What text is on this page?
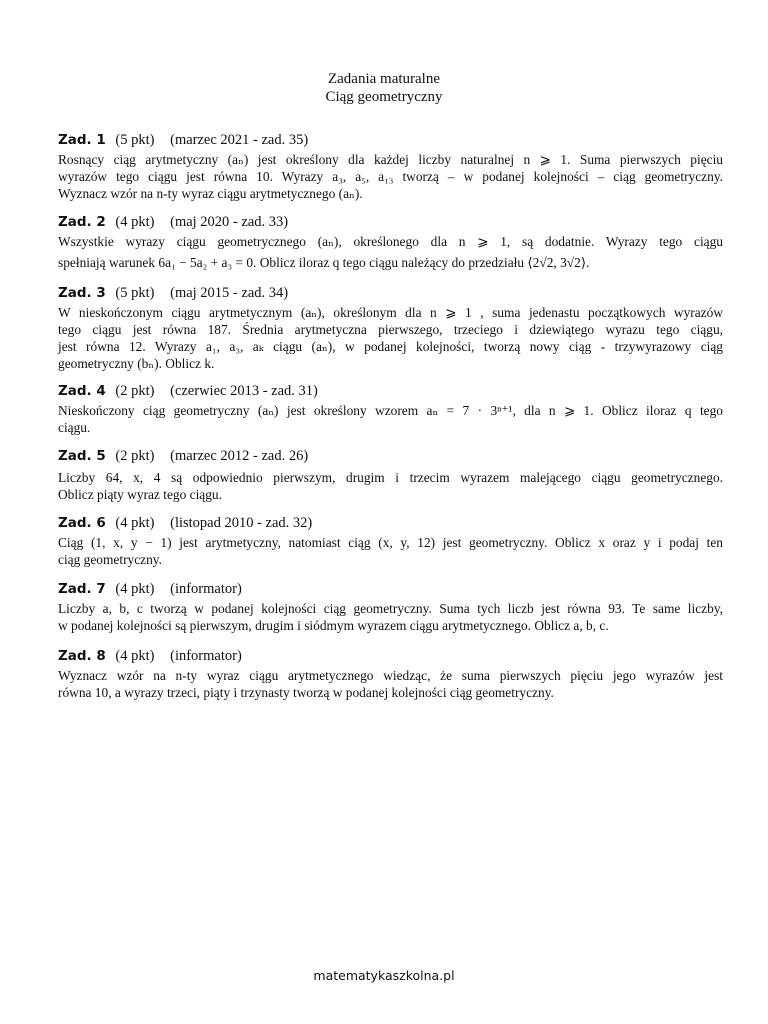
Zadania maturalne
Ciąg geometryczny
Zad. 1 (5 pkt) (marzec 2021 - zad. 35)
Rosnący ciąg arytmetyczny (aₙ) jest określony dla każdej liczby naturalnej n ⩾ 1. Suma pierwszych pięciu
wyrazów tego ciągu jest równa 10. Wyrazy a₃, a₅, a₁₃ tworzą – w podanej kolejności – ciąg geometryczny.
Wyznacz wzór na n-ty wyraz ciągu arytmetycznego (aₙ).
Zad. 2 (4 pkt) (maj 2020 - zad. 33)
Wszystkie wyrazy ciągu geometrycznego (aₙ), określonego dla n ⩾ 1, są dodatnie. Wyrazy tego ciągu
spełniają warunek 6a₁ − 5a₂ + a₃ = 0. Oblicz iloraz q tego ciągu należący do przedziału ⟨2√2, 3√2⟩.
Zad. 3 (5 pkt) (maj 2015 - zad. 34)
W nieskończonym ciągu arytmetycznym (aₙ), określonym dla n ⩾ 1 , suma jedenastu początkowych wyrazów
tego ciągu jest równa 187. Średnia arytmetyczna pierwszego, trzeciego i dziewiątego wyrazu tego ciągu,
jest równa 12. Wyrazy a₁, a₃, aₖ ciągu (aₙ), w podanej kolejności, tworzą nowy ciąg - trzywyrazowy ciąg
geometryczny (bₙ). Oblicz k.
Zad. 4 (2 pkt) (czerwiec 2013 - zad. 31)
Nieskończony ciąg geometryczny (aₙ) jest określony wzorem aₙ = 7 · 3ⁿ⁺¹, dla n ⩾ 1. Oblicz iloraz q tego
ciągu.
Zad. 5 (2 pkt) (marzec 2012 - zad. 26)
Liczby 64, x, 4 są odpowiednio pierwszym, drugim i trzecim wyrazem malejącego ciągu geometrycznego.
Oblicz piąty wyraz tego ciągu.
Zad. 6 (4 pkt) (listopad 2010 - zad. 32)
Ciąg (1, x, y − 1) jest arytmetyczny, natomiast ciąg (x, y, 12) jest geometryczny. Oblicz x oraz y i podaj ten
ciąg geometryczny.
Zad. 7 (4 pkt) (informator)
Liczby a, b, c tworzą w podanej kolejności ciąg geometryczny. Suma tych liczb jest równa 93. Te same liczby,
w podanej kolejności są pierwszym, drugim i siódmym wyrazem ciągu arytmetycznego. Oblicz a, b, c.
Zad. 8 (4 pkt) (informator)
Wyznacz wzór na n-ty wyraz ciągu arytmetycznego wiedząc, że suma pierwszych pięciu jego wyrazów jest
równa 10, a wyrazy trzeci, piąty i trzynasty tworzą w podanej kolejności ciąg geometryczny.
matematykaszkolna.pl
